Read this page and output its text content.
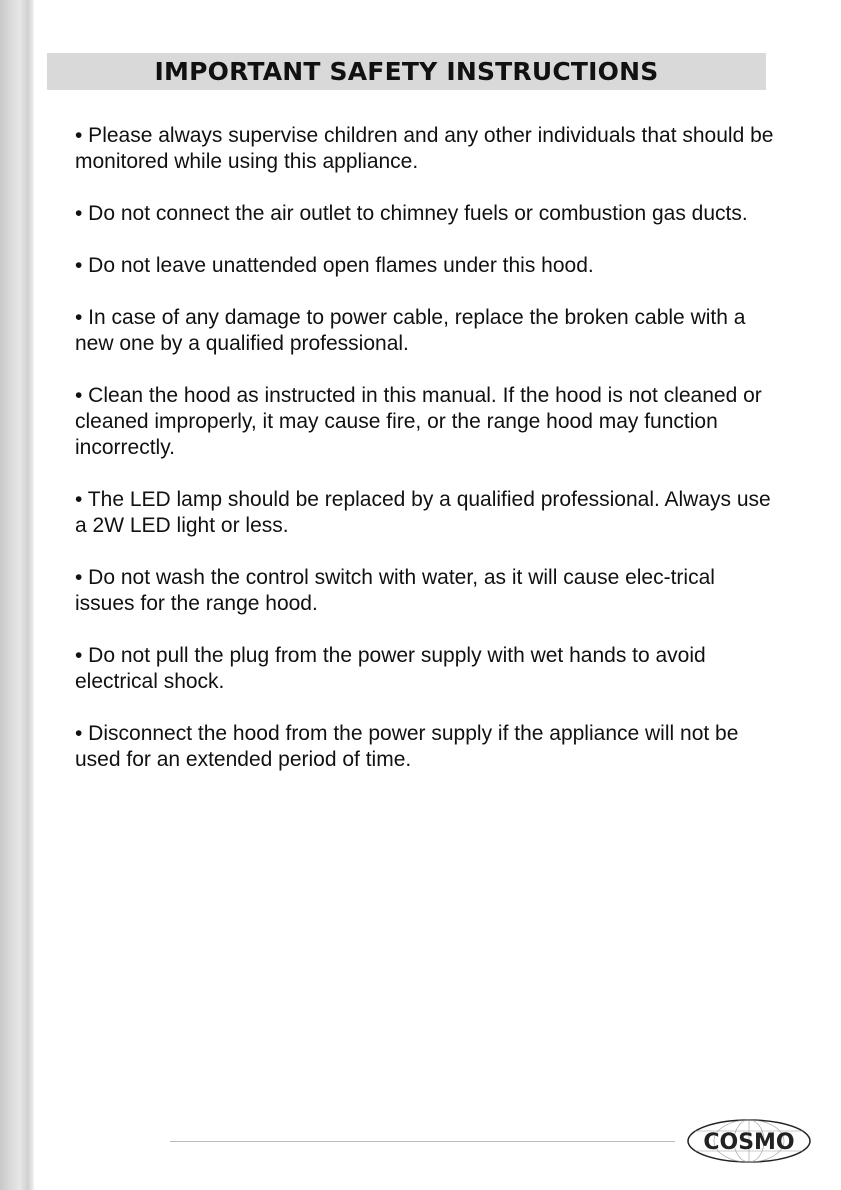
IMPORTANT SAFETY INSTRUCTIONS

• Please always supervise children and any other individuals that should be monitored while using this appliance.

• Do not connect the air outlet to chimney fuels or combustion gas ducts.

• Do not leave unattended open flames under this hood.

• In case of any damage to power cable, replace the broken cable with a new one by a qualified professional.

• Clean the hood as instructed in this manual. If the hood is not cleaned or cleaned improperly, it may cause fire, or the range hood may function incorrectly.

• The LED lamp should be replaced by a qualified professional. Always use a 2W LED light or less.

• Do not wash the control switch with water, as it will cause elec-trical issues for the range hood.

• Do not pull the plug from the power supply with wet hands to avoid electrical shock.

• Disconnect the hood from the power supply if the appliance will not be used for an extended period of time.

COSMO
